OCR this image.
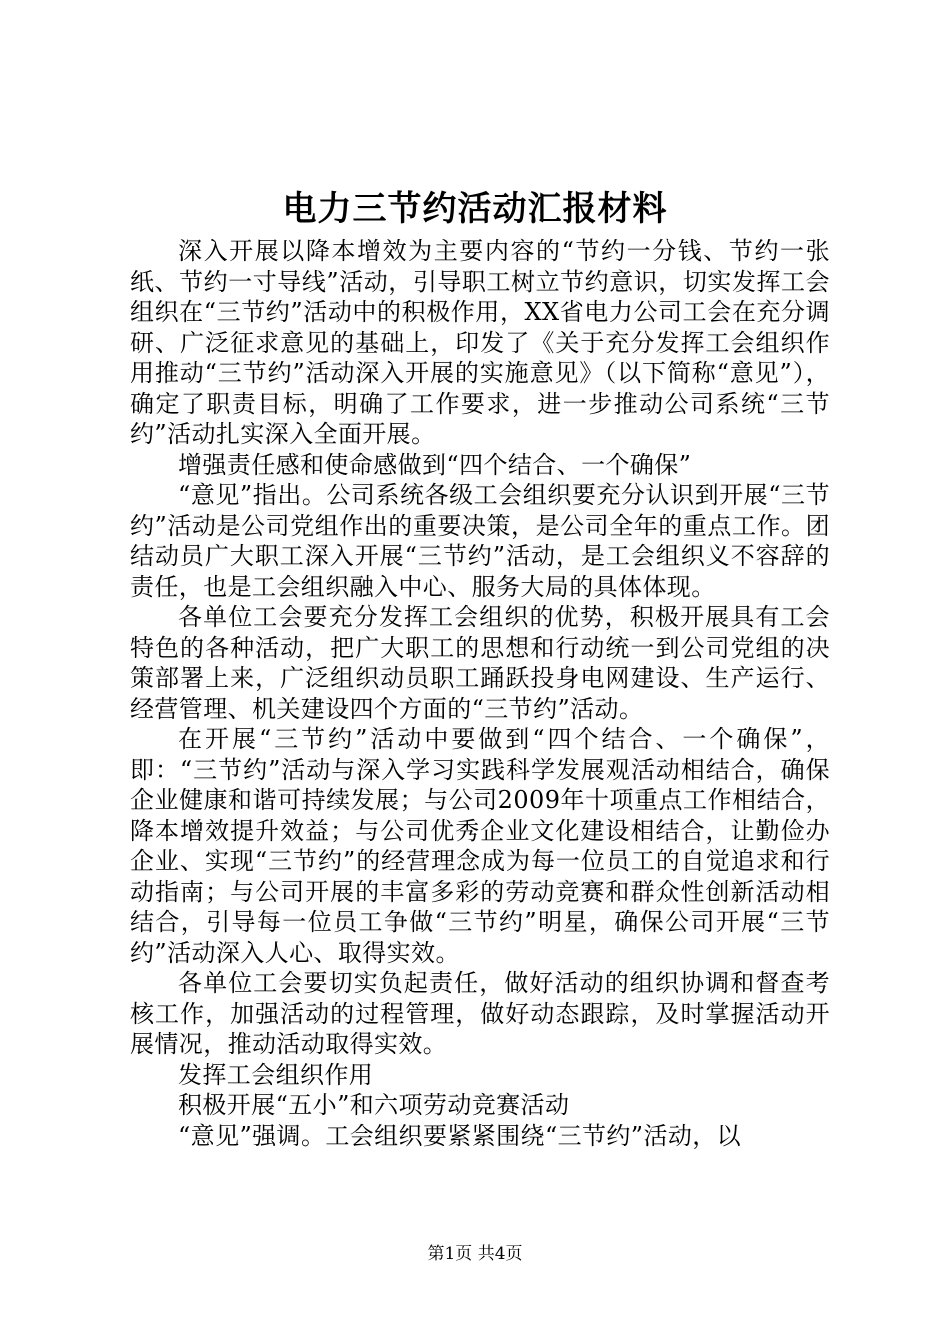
电力三节约活动汇报材料

深入开展以降本增效为主要内容的“节约一分钱、节约一张纸、节约一寸导线”活动，引导职工树立节约意识，切实发挥工会组织在“三节约”活动中的积极作用，XX省电力公司工会在充分调研、广泛征求意见的基础上，印发了《关于充分发挥工会组织作用推动“三节约”活动深入开展的实施意见》（以下简称“意见”），确定了职责目标，明确了工作要求，进一步推动公司系统“三节约”活动扎实深入全面开展。

增强责任感和使命感做到“四个结合、一个确保”

“意见”指出。公司系统各级工会组织要充分认识到开展“三节约”活动是公司党组作出的重要决策，是公司全年的重点工作。团结动员广大职工深入开展“三节约”活动，是工会组织义不容辞的责任，也是工会组织融入中心、服务大局的具体体现。

各单位工会要充分发挥工会组织的优势，积极开展具有工会特色的各种活动，把广大职工的思想和行动统一到公司党组的决策部署上来，广泛组织动员职工踊跃投身电网建设、生产运行、经营管理、机关建设四个方面的“三节约”活动。

在开展“三节约”活动中要做到“四个结合、一个确保”，即：“三节约”活动与深入学习实践科学发展观活动相结合，确保企业健康和谐可持续发展；与公司2009年十项重点工作相结合，降本增效提升效益；与公司优秀企业文化建设相结合，让勤俭办企业、实现“三节约”的经营理念成为每一位员工的自觉追求和行动指南；与公司开展的丰富多彩的劳动竞赛和群众性创新活动相结合，引导每一位员工争做“三节约”明星，确保公司开展“三节约”活动深入人心、取得实效。

各单位工会要切实负起责任，做好活动的组织协调和督查考核工作，加强活动的过程管理，做好动态跟踪，及时掌握活动开展情况，推动活动取得实效。

发挥工会组织作用

积极开展“五小”和六项劳动竞赛活动

“意见”强调。工会组织要紧紧围绕“三节约”活动，以

第1页 共4页
